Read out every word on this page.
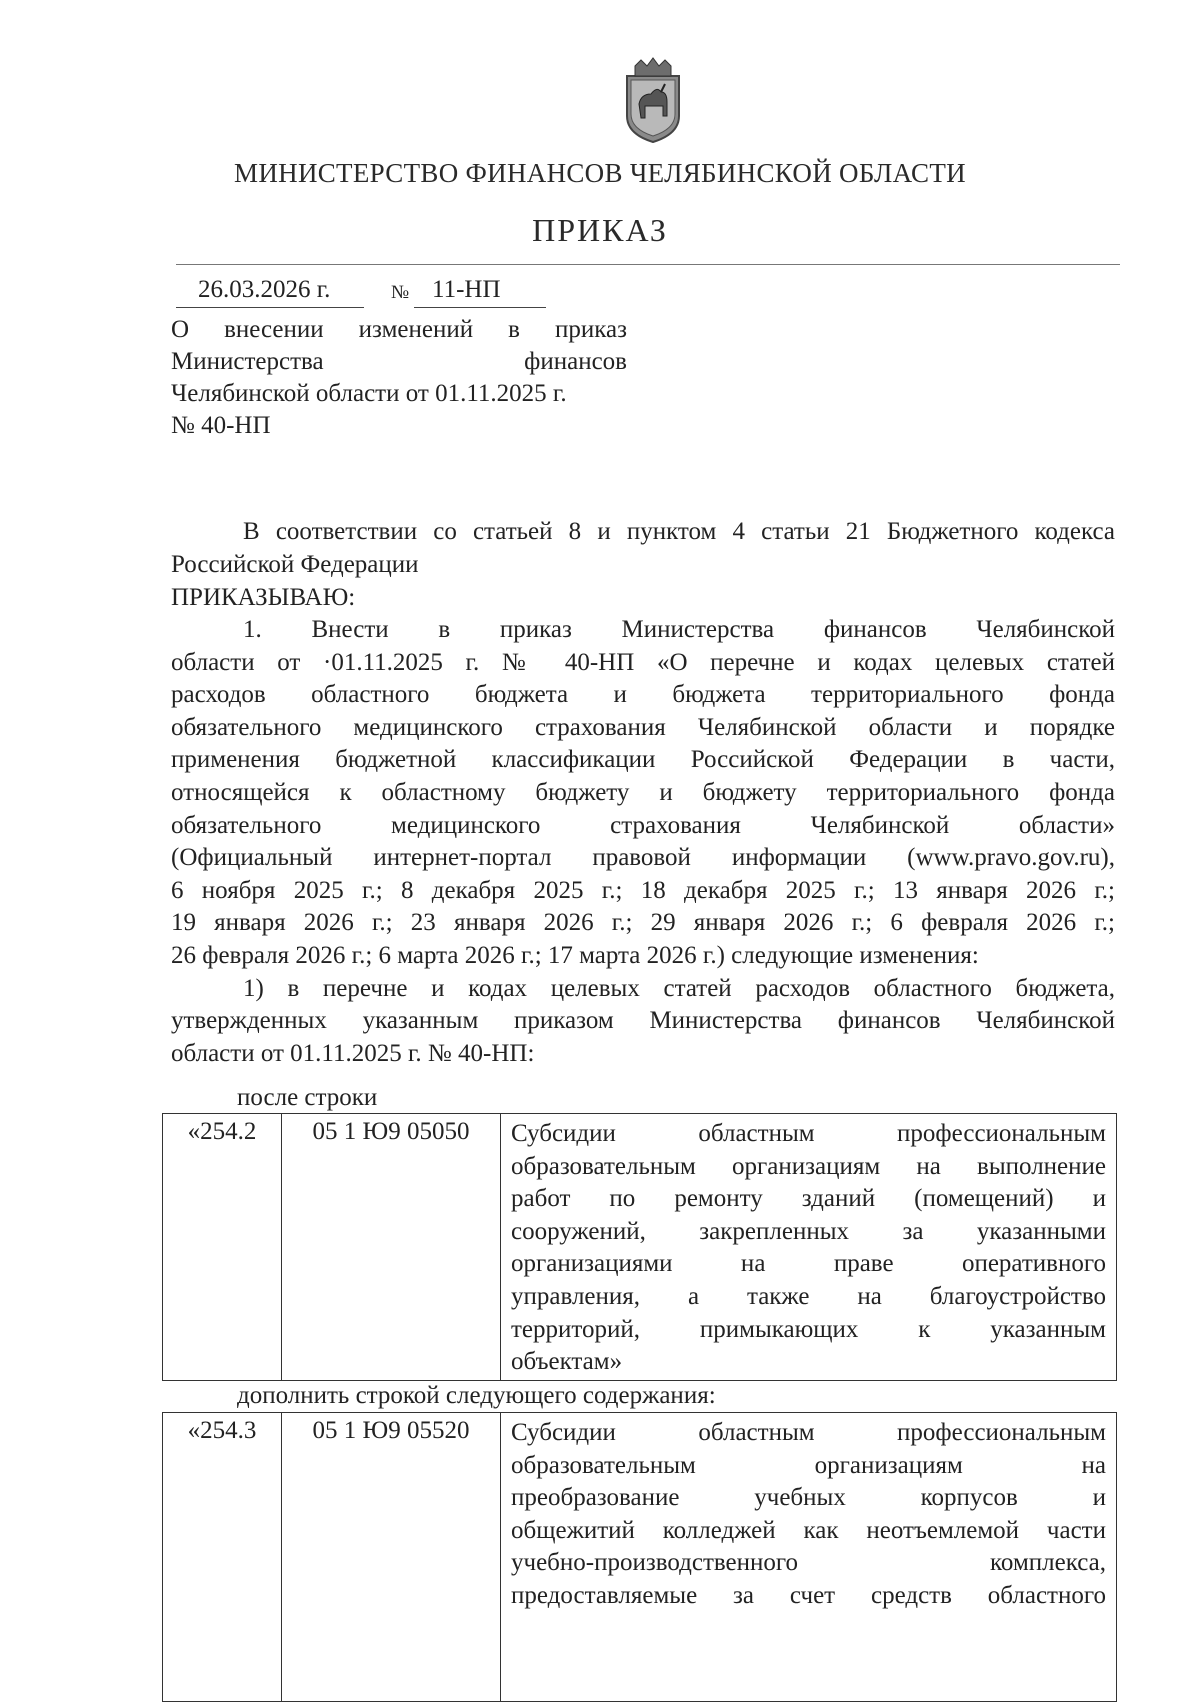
МИНИСТЕРСТВО ФИНАНСОВ ЧЕЛЯБИНСКОЙ ОБЛАСТИ
ПРИКАЗ
26.03.2026 г.	№ 11-НП

О внесении изменений в приказ

Министерства финансов

Челябинской области от 01.11.2025 г.

№ 40-НП

В соответствии со статьей 8 и пунктом 4 статьи 21 Бюджетного кодекса

Российской Федерации

ПРИКАЗЫВАЮ:

1. Внести в приказ Министерства финансов Челябинской

области от ·01.11.2025 г. № 40-НП «О перечне и кодах целевых статей

расходов областного бюджета и бюджета территориального фонда

обязательного медицинского страхования Челябинской области и порядке

применения бюджетной классификации Российской Федерации в части,

относящейся к областному бюджету и бюджету территориального фонда

обязательного медицинского страхования Челябинской области»

(Официальный интернет-портал правовой информации (www.pravo.gov.ru),

6 ноября 2025 г.; 8 декабря 2025 г.; 18 декабря 2025 г.; 13 января 2026 г.;

19 января 2026 г.; 23 января 2026 г.; 29 января 2026 г.; 6 февраля 2026 г.;

26 февраля 2026 г.; 6 марта 2026 г.; 17 марта 2026 г.) следующие изменения:

1) в перечне и кодах целевых статей расходов областного бюджета,

утвержденных указанным приказом Министерства финансов Челябинской

области от 01.11.2025 г. № 40-НП:

после строки
«254.2	05 1 Ю9 05050	Субсидии областным профессиональным

образовательным организациям на выполнение

работ по ремонту зданий (помещений) и

сооружений, закрепленных за указанными

организациями на праве оперативного

управления, а также на благоустройство

территорий, примыкающих к указанным

объектам»

дополнить строкой следующего содержания:
«254.3	05 1 Ю9 05520	Субсидии областным профессиональным

образовательным организациям на

преобразование учебных корпусов и

общежитий колледжей как неотъемлемой части

учебно-производственного комплекса,

предоставляемые за счет средств областного
